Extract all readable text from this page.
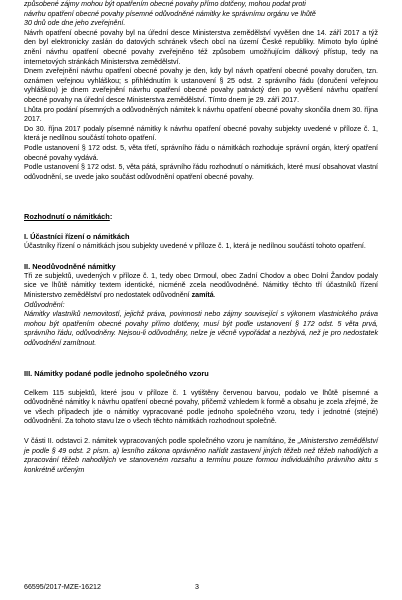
způsobené zájmy mohou být opatřením obecné povahy přímo dotčeny, mohou podat proti
návrhu opatření obecné povahy písemné odůvodněné námitky ke správnímu orgánu ve lhůtě
30 dnů ode dne jeho zveřejnění.

Návrh opatření obecné povahy byl na úřední desce Ministerstva zemědělství vyvěšen dne 14. září 2017 a týž den byl elektronicky zaslán do datových schránek všech obcí na území České republiky. Mimoto bylo úplné znění návrhu opatření obecné povahy zveřejněno též způsobem umožňujícím dálkový přístup, tedy na internetových stránkách Ministerstva zemědělství.

Dnem zveřejnění návrhu opatření obecné povahy je den, kdy byl návrh opatření obecné povahy doručen, tzn. oznámen veřejnou vyhláškou; s přihlédnutím k ustanovení § 25 odst. 2 správního řádu (doručení veřejnou vyhláškou) je dnem zveřejnění návrhu opatření obecné povahy patnáctý den po vyvěšení návrhu opatření obecné povahy na úřední desce Ministerstva zemědělství. Tímto dnem je 29. září 2017.

Lhůta pro podání písemných a odůvodněných námitek k návrhu opatření obecné povahy skončila dnem 30. října 2017.

Do 30. října 2017 podaly písemné námitky k návrhu opatření obecné povahy subjekty uvedené v příloze č. 1, která je nedílnou součástí tohoto opatření.

Podle ustanovení § 172 odst. 5, věta třetí, správního řádu o námitkách rozhoduje správní orgán, který opatření obecné povahy vydává.

Podle ustanovení § 172 odst. 5, věta pátá, správního řádu rozhodnutí o námitkách, které musí obsahovat vlastní odůvodnění, se uvede jako součást odůvodnění opatření obecné povahy.

Rozhodnutí o námitkách:
I. Účastníci řízení o námitkách

Účastníky řízení o námitkách jsou subjekty uvedené v příloze č. 1, která je nedílnou součástí tohoto opatření.

II. Neodůvodněné námitky

Tři ze subjektů, uvedených v příloze č. 1, tedy obec Drmoul, obec Zadní Chodov a obec Dolní Žandov podaly sice ve lhůtě námitky textem identické, nicméně zcela neodůvodněné. Námitky těchto tří účastníků řízení Ministerstvo zemědělství pro nedostatek odůvodnění zamítá.

Odůvodnění:

Námitky vlastníků nemovitostí, jejichž práva, povinnosti nebo zájmy související s výkonem vlastnického práva mohou být opatřením obecné povahy přímo dotčeny, musí být podle ustanovení § 172 odst. 5 věta prvá, správního řádu, odůvodněny. Nejsou-li odůvodněny, nelze je věcně vypořádat a nezbývá, než je pro nedostatek odůvodnění zamítnout.

III. Námitky podané podle jednoho společného vzoru

Celkem 115 subjektů, které jsou v příloze č. 1 vytištěny červenou barvou, podalo ve lhůtě písemné a odůvodněné námitky k návrhu opatření obecné povahy, přičemž vzhledem k formě a obsahu je zcela zřejmé, že ve všech případech jde o námitky vypracované podle jednoho společného vzoru, tedy i jednotné (stejné) odůvodnění. Za tohoto stavu lze o všech těchto námitkách rozhodnout společně.

V části II. odstavci 2. námitek vypracovaných podle společného vzoru je namítáno, že „Ministerstvo zemědělství je podle § 49 odst. 2 písm. a) lesního zákona oprávněno nařídit zastavení jiných těžeb než těžeb nahodilých a zpracování těžeb nahodilých ve stanoveném rozsahu a termínu pouze formou individuálního právního aktu s konkrétně určeným

66595/2017-MZE-16212	3
